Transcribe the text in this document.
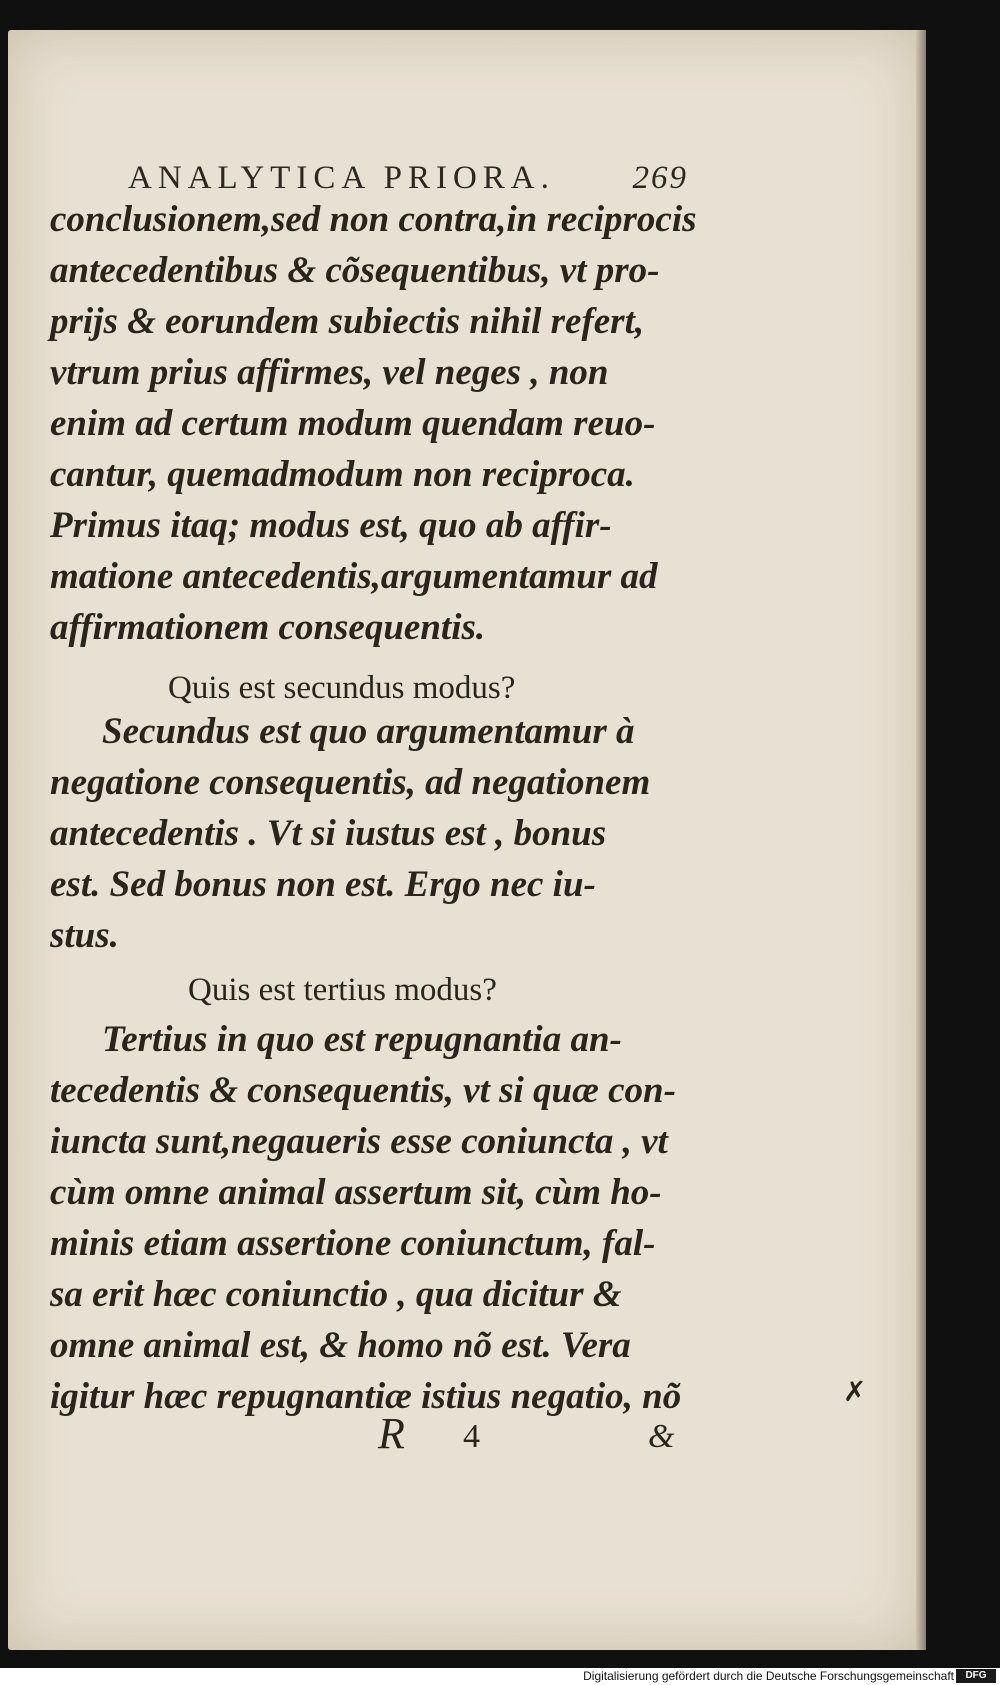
ANALYTICA PRIORA. 269
conclusionem,sed non contra,in reciprocis
antecedentibus & cõsequentibus, vt pro-
prijs & eorundem subiectis nihil refert,
vtrum prius affirmes, vel neges , non
enim ad certum modum quendam reuo-
cantur, quemadmodum non reciproca.
Primus itaq; modus est, quo ab affir-
matione antecedentis,argumentamur ad
affirmationem consequentis.
Secundus est quo argumentamur à
negatione consequentis, ad negationem
antecedentis . Vt si iustus est , bonus
est. Sed bonus non est. Ergo nec iu-
stus.
Tertius in quo est repugnantia an-
tecedentis & consequentis, vt si quæ con-
iuncta sunt,negaueris esse coniuncta , vt
cùm omne animal assertum sit, cùm ho-
minis etiam assertione coniunctum, fal-
sa erit hæc coniunctio , qua dicitur &
omne animal est, & homo nõ est. Vera
igitur hæc repugnantiæ istius negatio, nõ
Quis est secundus modus?
Quis est tertius modus?
R 4	&
✗
Digitalisierung gefördert durch die Deutsche Forschungsgemeinschaft	DFG
